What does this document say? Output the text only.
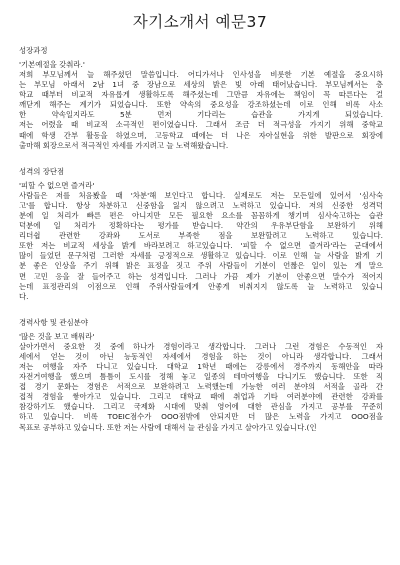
자기소개서 예문37
성장과정
'기본예절을 갖춰라.'
저희 부모님께서 늘 해주셨던 말씀입니다. 어디가서나 인사성을 비롯한 기본 예절을 중요시하
는 부모님 아래서 2남 1녀 중 장남으로 세상의 밝은 빛 아래 태어났습니다. 부모님께서는 층
학교 때부터 비교적 자유롭게 생활하도록 해주셨는데 그만큼 자유에는 책임이 꼭 따른다는 걸
깨닫게 해주는 계기가 되었습니다. 또한 약속의 중요성을 강조하셨는데 이로 인해 비록 사소
한 약속일지라도 5분 먼저 기다리는 습관을 가지게 되었습니다.
저는 어렸을 때 비교적 소극적인 편이였습니다. 그래서 조금 더 적극성을 가지기 위해 중학교
때에 학생 간부 활동을 하였으며, 고등학교 때에는 더 나은 자아실현을 위한 발판으로 회장에
출마해 회장으로서 적극적인 자세를 가지려고 늘 노력해왔습니다.
성격의 장단점
'피할 수 없으면 즐겨라'
사람들은 저를 처음봤을 때 '차분'해 보인다고 합니다. 실제로도 저는 모든일에 있어서 '심사숙
고'를 합니다. 항상 차분하고 신중함을 잃지 않으려고 노력하고 있습니다. 저의 신중한 성격덕
분에 일 처리가 빠른 편은 아니지만 모든 필요한 요소를 꼼꼼하게 챙기며 심사숙고하는 습관
덕분에 일 처리가 정확하다는 평가를 받습니다. 약간의 우유부단함을 보완하기 위해
리더쉽 관련한 강좌와 도서로 부족한 점을 보완할려고 노력하고 있습니다.
또한 저는 비교적 세상을 밝게 바라보려고 하고있습니다. '피할 수 없으면 즐겨라'라는 군대에서
많이 들었던 문구처럼 그러한 자세를 긍정적으로 생활하고 있습니다. 이로 인해 늘 사람을 밝게 기
분 좋은 인상을 주기 위해 밝은 표정을 짓고 주위 사람들이 기분이 언짢은 일이 있는 게 말으
면 고민 응을 잘 들어주고 하는 성격입니다. 그러나 가끔 제가 기분이 안좋으면 말수가 적어지
는데 표정관리의 이점으로 인해 주위사람들에게 안좋게 비춰지지 않도록 늘 노력하고 있습니
다.
경력사항 및 관심분야
'많은 것을 보고 배워라'
살아가면서 중요한 것 중에 하나가 경험이라고 생각합니다. 그러나 그런 경험은 수동적인 자
세에서 얻는 것이 아닌 능동적인 자세에서 경험을 하는 것이 아니라 생각합니다. 그래서
저는 여행을 자주 다니고 있습니다. 대학교 1학년 때에는 강릉에서 경주까지 동해안을 따라
자전거여행을 했으며 틈틈이 도시를 정해 놓고 일종의 테마여행을 다니기도 했습니다. 또한 직
접 경기 문화는 경험은 서적으로 보완하려고 노력했는데 가능한 여러 분야의 서적을 골라 간
접적 경험을 쌓아가고 있습니다. 그리고 대학교 때에 취업과 기타 여러분야에 관련한 강좌를
참강하기도 했습니다. 그리고 국제화 시대에 맞춰 영어에 대한 관심을 가지고 공부를 꾸준히
하고 있습니다. 비록 TOEIC점수가 OOO점밖에 안되지만 더 많은 노력을 가지고 OOO점을
목표로 공부하고 있습니다. 또한 저는 사람에 대해서 늘 관심을 가지고 살아가고 있습니다.(인
